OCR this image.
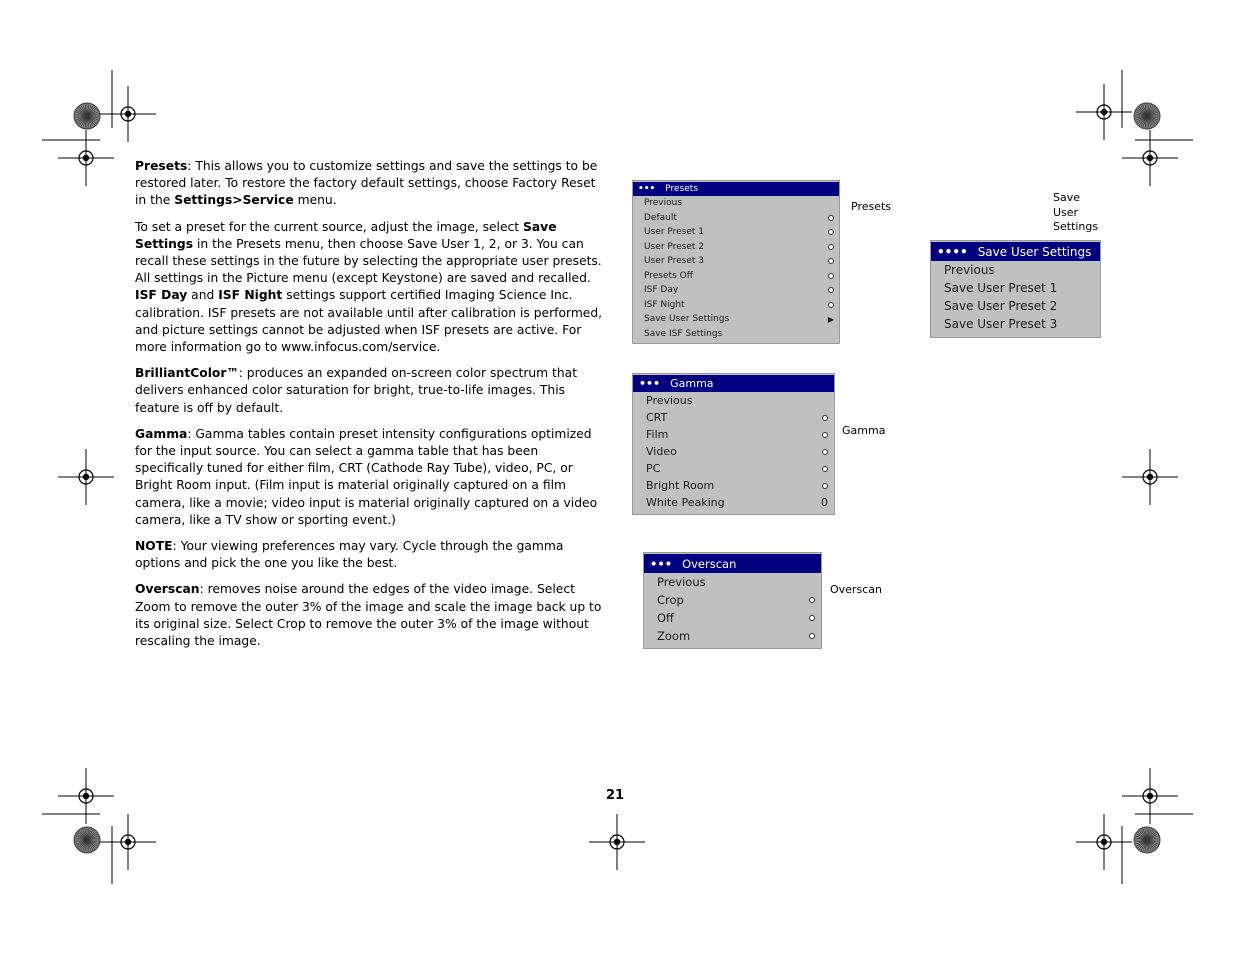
Presets: This allows you to customize settings and save the settings to be restored later. To restore the factory default settings, choose Factory Reset in the Settings>Service menu.

To set a preset for the current source, adjust the image, select Save Settings in the Presets menu, then choose Save User 1, 2, or 3. You can recall these settings in the future by selecting the appropriate user presets. All settings in the Picture menu (except Keystone) are saved and recalled. ISF Day and ISF Night settings support certified Imaging Science Inc. calibration. ISF presets are not available until after calibration is performed, and picture settings cannot be adjusted when ISF presets are active. For more information go to www.infocus.com/service.

BrilliantColor™: produces an expanded on-screen color spectrum that delivers enhanced color saturation for bright, true-to-life images. This feature is off by default.

Gamma: Gamma tables contain preset intensity configurations optimized for the input source. You can select a gamma table that has been specifically tuned for either film, CRT (Cathode Ray Tube), video, PC, or Bright Room input. (Film input is material originally captured on a film camera, like a movie; video input is material originally captured on a video camera, like a TV show or sporting event.)

NOTE: Your viewing preferences may vary. Cycle through the gamma options and pick the one you like the best.

Overscan: removes noise around the edges of the video image. Select Zoom to remove the outer 3% of the image and scale the image back up to its original size. Select Crop to remove the outer 3% of the image without rescaling the image.

••• Presets
Previous
Default
User Preset 1
User Preset 2
User Preset 3
Presets Off
ISF Day
ISF Night
Save User Settings	▶
Save ISF Settings
Presets
Save
User
Settings
•••• Save User Settings
Previous
Save User Preset 1
Save User Preset 2
Save User Preset 3
••• Gamma
Previous
CRT
Film
Video
PC
Bright Room
White Peaking	0
Gamma
••• Overscan
Previous
Crop
Off
Zoom
Overscan
21
